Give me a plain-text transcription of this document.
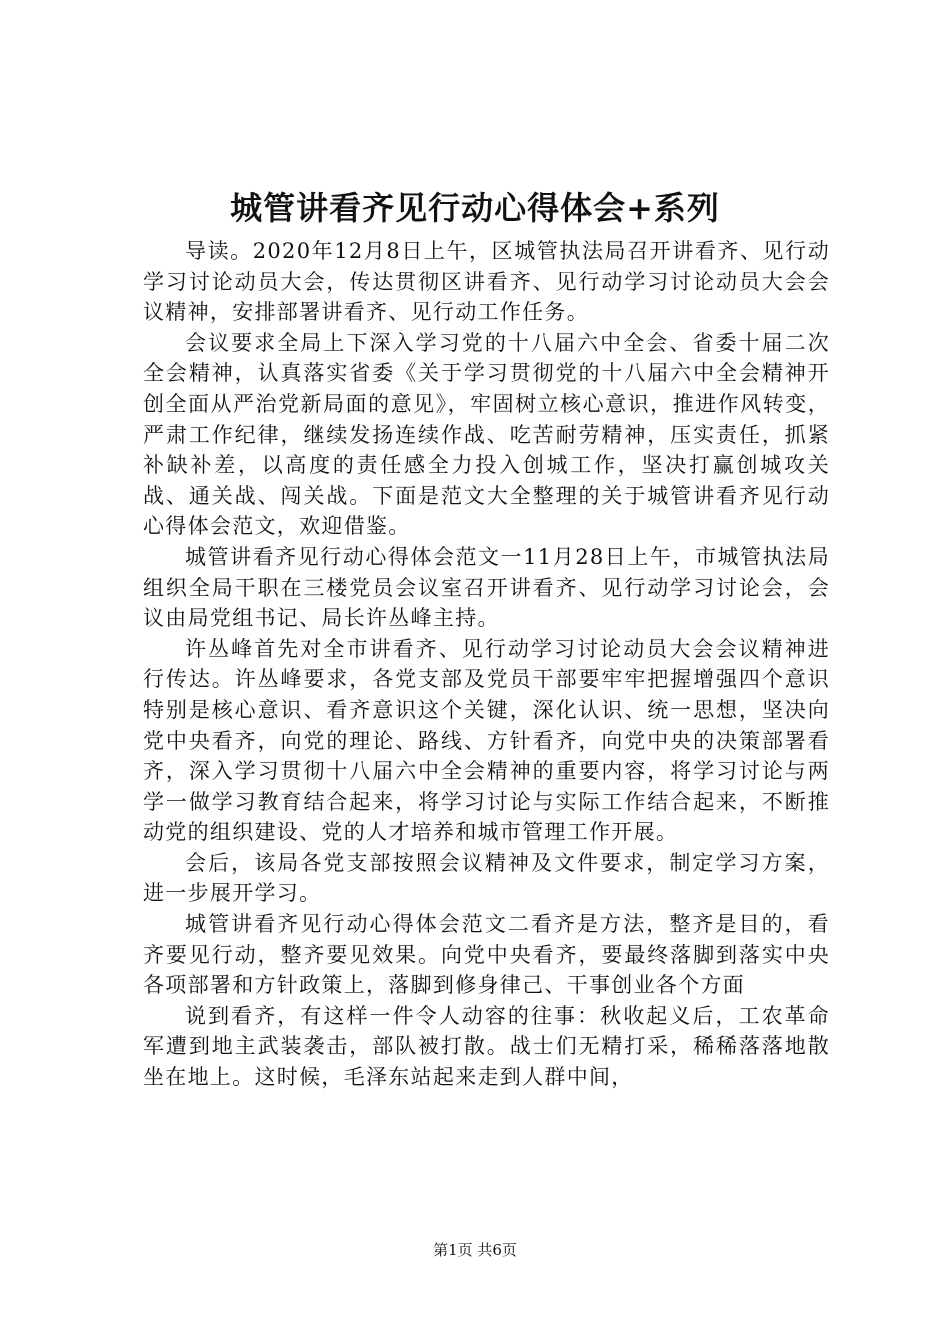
城管讲看齐见行动心得体会+系列

导读。2020年12月8日上午，区城管执法局召开讲看齐、见行动学习讨论动员大会，传达贯彻区讲看齐、见行动学习讨论动员大会会议精神，安排部署讲看齐、见行动工作任务。

会议要求全局上下深入学习党的十八届六中全会、省委十届二次全会精神，认真落实省委《关于学习贯彻党的十八届六中全会精神开创全面从严治党新局面的意见》，牢固树立核心意识，推进作风转变，严肃工作纪律，继续发扬连续作战、吃苦耐劳精神，压实责任，抓紧补缺补差，以高度的责任感全力投入创城工作，坚决打赢创城攻关战、通关战、闯关战。下面是范文大全整理的关于城管讲看齐见行动心得体会范文，欢迎借鉴。

城管讲看齐见行动心得体会范文一11月28日上午，市城管执法局组织全局干职在三楼党员会议室召开讲看齐、见行动学习讨论会，会议由局党组书记、局长许丛峰主持。

许丛峰首先对全市讲看齐、见行动学习讨论动员大会会议精神进行传达。许丛峰要求，各党支部及党员干部要牢牢把握增强四个意识特别是核心意识、看齐意识这个关键，深化认识、统一思想，坚决向党中央看齐，向党的理论、路线、方针看齐，向党中央的决策部署看齐，深入学习贯彻十八届六中全会精神的重要内容，将学习讨论与两学一做学习教育结合起来，将学习讨论与实际工作结合起来，不断推动党的组织建设、党的人才培养和城市管理工作开展。

会后，该局各党支部按照会议精神及文件要求，制定学习方案，进一步展开学习。

城管讲看齐见行动心得体会范文二看齐是方法，整齐是目的，看齐要见行动，整齐要见效果。向党中央看齐，要最终落脚到落实中央各项部署和方针政策上，落脚到修身律己、干事创业各个方面

说到看齐，有这样一件令人动容的往事：秋收起义后，工农革命军遭到地主武装袭击，部队被打散。战士们无精打采，稀稀落落地散坐在地上。这时候，毛泽东站起来走到人群中间，

第1页 共6页
